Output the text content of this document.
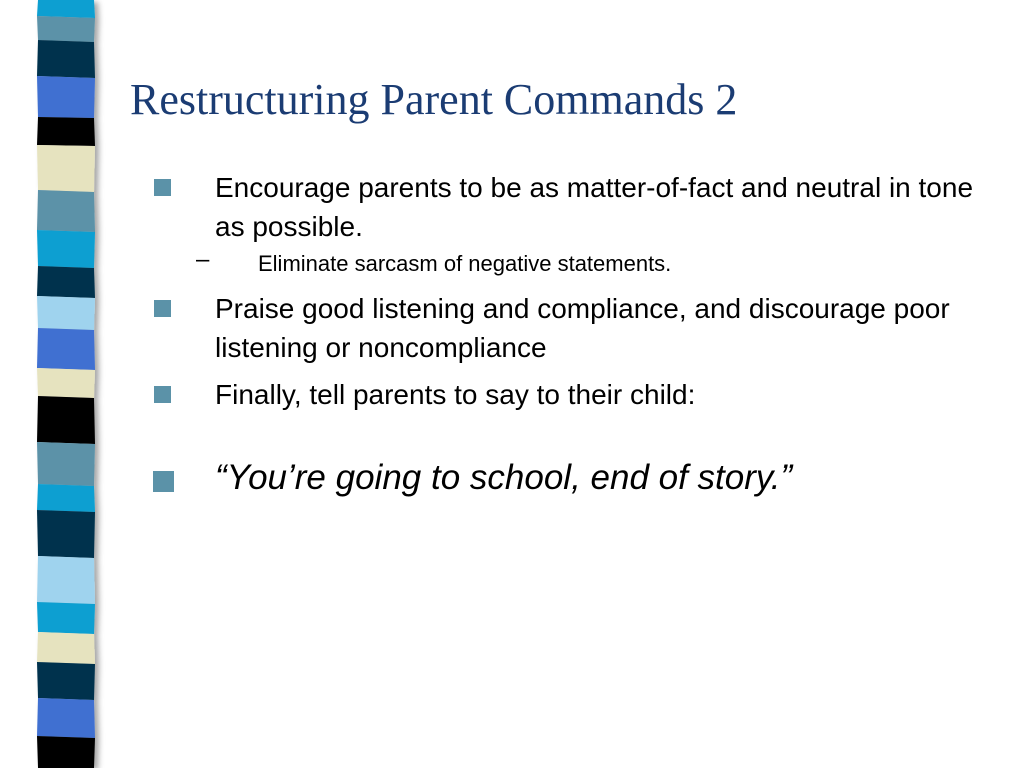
Restructuring Parent Commands 2
Encourage parents to be as matter-of-fact and neutral in tone as possible.
– Eliminate sarcasm of negative statements.
Praise good listening and compliance, and discourage poor listening or noncompliance
Finally, tell parents to say to their child:
“You’re going to school, end of story.”
